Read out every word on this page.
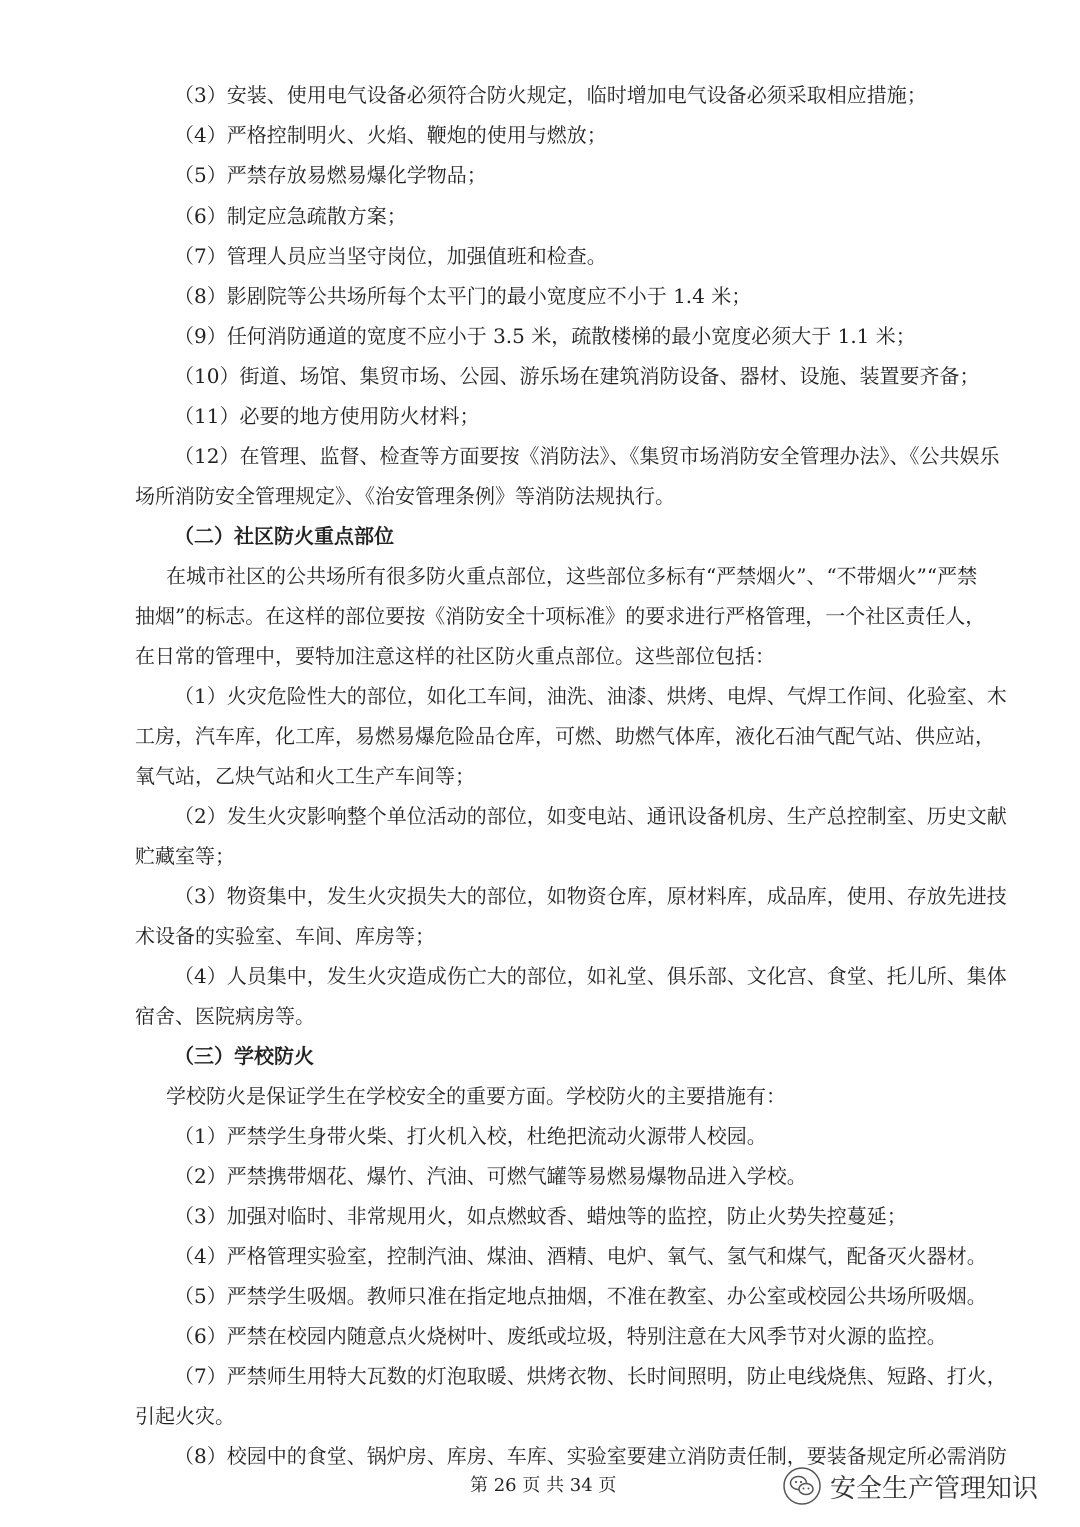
（3）安装、使用电气设备必须符合防火规定，临时增加电气设备必须采取相应措施；
（4）严格控制明火、火焰、鞭炮的使用与燃放；
（5）严禁存放易燃易爆化学物品；
（6）制定应急疏散方案；
（7）管理人员应当坚守岗位，加强值班和检查。
（8）影剧院等公共场所每个太平门的最小宽度应不小于 1.4 米；
（9）任何消防通道的宽度不应小于 3.5 米，疏散楼梯的最小宽度必须大于 1.1 米；
（10）街道、场馆、集贸市场、公园、游乐场在建筑消防设备、器材、设施、装置要齐备；
（11）必要的地方使用防火材料；
（12）在管理、监督、检查等方面要按《消防法》、《集贸市场消防安全管理办法》、《公共娱乐
场所消防安全管理规定》、《治安管理条例》等消防法规执行。
（二）社区防火重点部位
在城市社区的公共场所有很多防火重点部位，这些部位多标有“严禁烟火”、“不带烟火”“严禁
抽烟”的标志。在这样的部位要按《消防安全十项标准》的要求进行严格管理，一个社区责任人，
在日常的管理中，要特加注意这样的社区防火重点部位。这些部位包括：
（1）火灾危险性大的部位，如化工车间，油洗、油漆、烘烤、电焊、气焊工作间、化验室、木
工房，汽车库，化工库，易燃易爆危险品仓库，可燃、助燃气体库，液化石油气配气站、供应站，
氧气站，乙炔气站和火工生产车间等；
（2）发生火灾影响整个单位活动的部位，如变电站、通讯设备机房、生产总控制室、历史文献
贮藏室等；
（3）物资集中，发生火灾损失大的部位，如物资仓库，原材料库，成品库，使用、存放先进技
术设备的实验室、车间、库房等；
（4）人员集中，发生火灾造成伤亡大的部位，如礼堂、俱乐部、文化宫、食堂、托儿所、集体
宿舍、医院病房等。
（三）学校防火
学校防火是保证学生在学校安全的重要方面。学校防火的主要措施有：
（1）严禁学生身带火柴、打火机入校，杜绝把流动火源带人校园。
（2）严禁携带烟花、爆竹、汽油、可燃气罐等易燃易爆物品进入学校。
（3）加强对临时、非常规用火，如点燃蚊香、蜡烛等的监控，防止火势失控蔓延；
（4）严格管理实验室，控制汽油、煤油、酒精、电炉、氧气、氢气和煤气，配备灭火器材。
（5）严禁学生吸烟。教师只准在指定地点抽烟，不准在教室、办公室或校园公共场所吸烟。
（6）严禁在校园内随意点火烧树叶、废纸或垃圾，特别注意在大风季节对火源的监控。
（7）严禁师生用特大瓦数的灯泡取暖、烘烤衣物、长时间照明，防止电线烧焦、短路、打火，
引起火灾。
（8）校园中的食堂、锅炉房、库房、车库、实验室要建立消防责任制，要装备规定所必需消防
第 26 页 共 34 页	安全生产管理知识
